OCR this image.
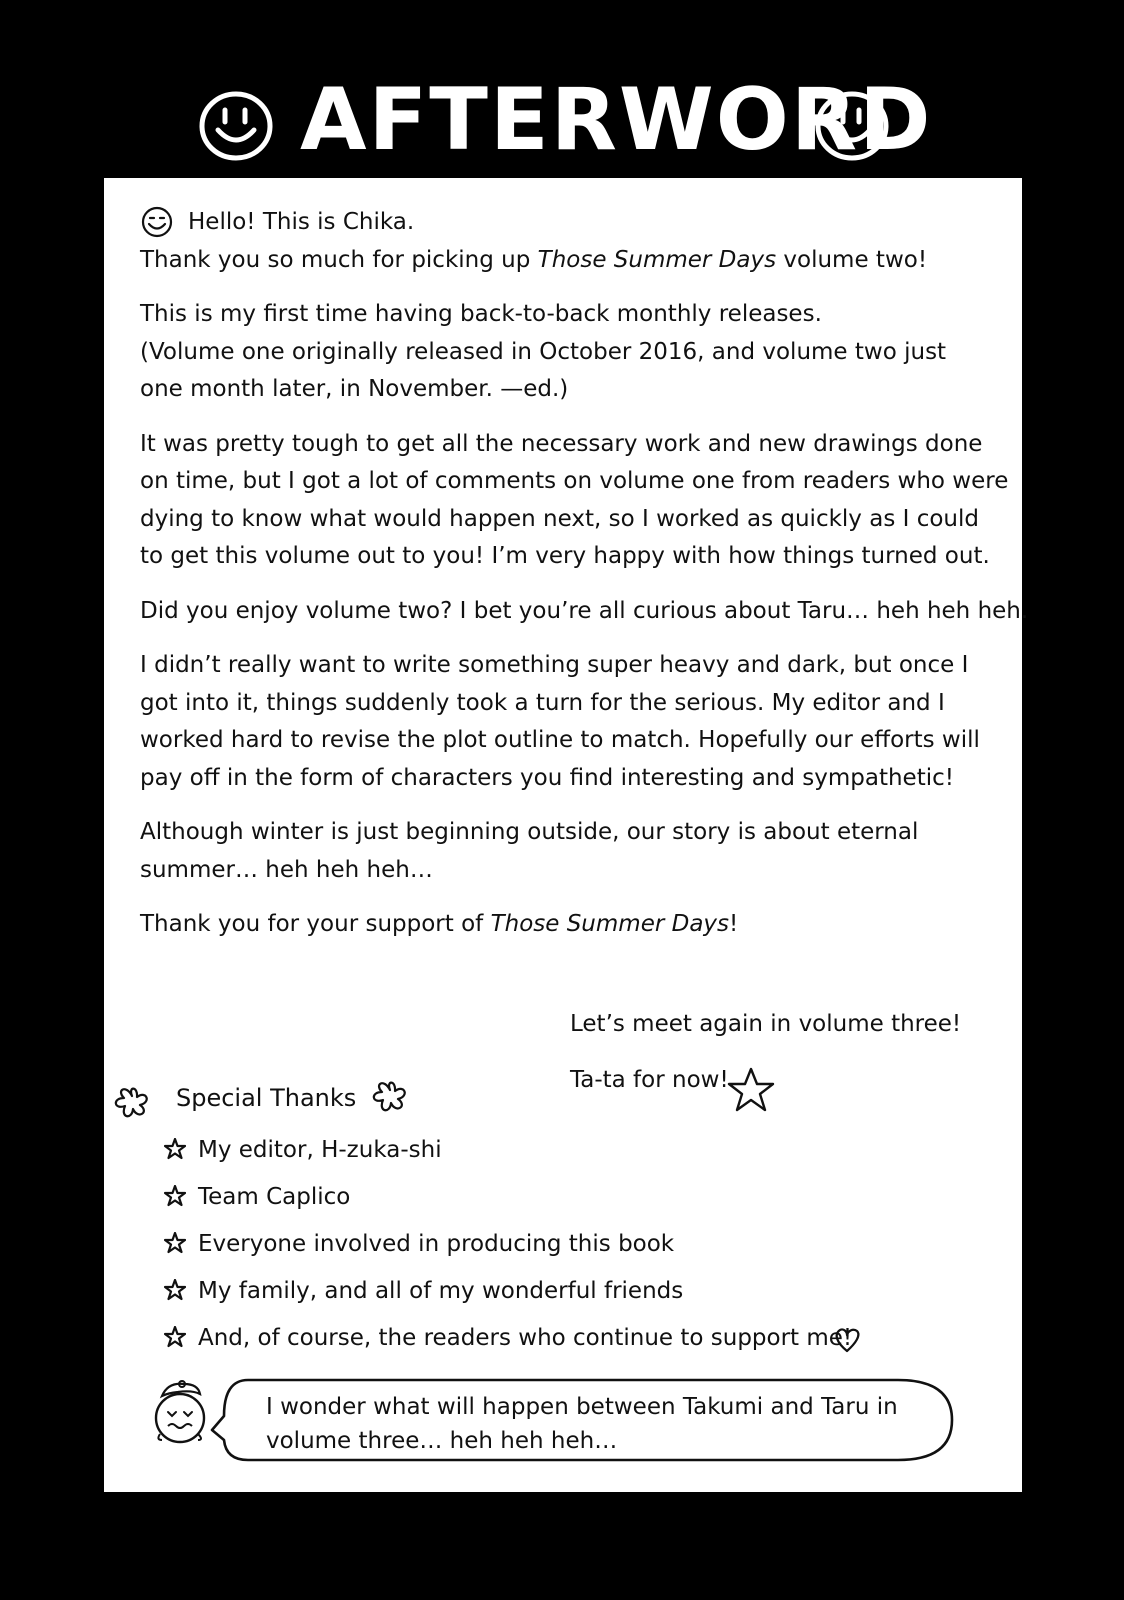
AFTERWORD

Hello! This is Chika.

Thank you so much for picking up Those Summer Days volume two!

This is my first time having back-to-back monthly releases.

(Volume one originally released in October 2016, and volume two just

one month later, in November. —ed.)

It was pretty tough to get all the necessary work and new drawings done

on time, but I got a lot of comments on volume one from readers who were

dying to know what would happen next, so I worked as quickly as I could

to get this volume out to you! I’m very happy with how things turned out.

Did you enjoy volume two? I bet you’re all curious about Taru… heh heh heh.

I didn’t really want to write something super heavy and dark, but once I

got into it, things suddenly took a turn for the serious. My editor and I

worked hard to revise the plot outline to match. Hopefully our efforts will

pay off in the form of characters you find interesting and sympathetic!

Although winter is just beginning outside, our story is about eternal

summer… heh heh heh…

Thank you for your support of Those Summer Days!

Let’s meet again in volume three!

Ta-ta for now!

Special Thanks
My editor, H-zuka-shi
Team Caplico
Everyone involved in producing this book
My family, and all of my wonderful friends
And, of course, the readers who continue to support me!
I wonder what will happen between Takumi and Taru in
volume three… heh heh heh…
